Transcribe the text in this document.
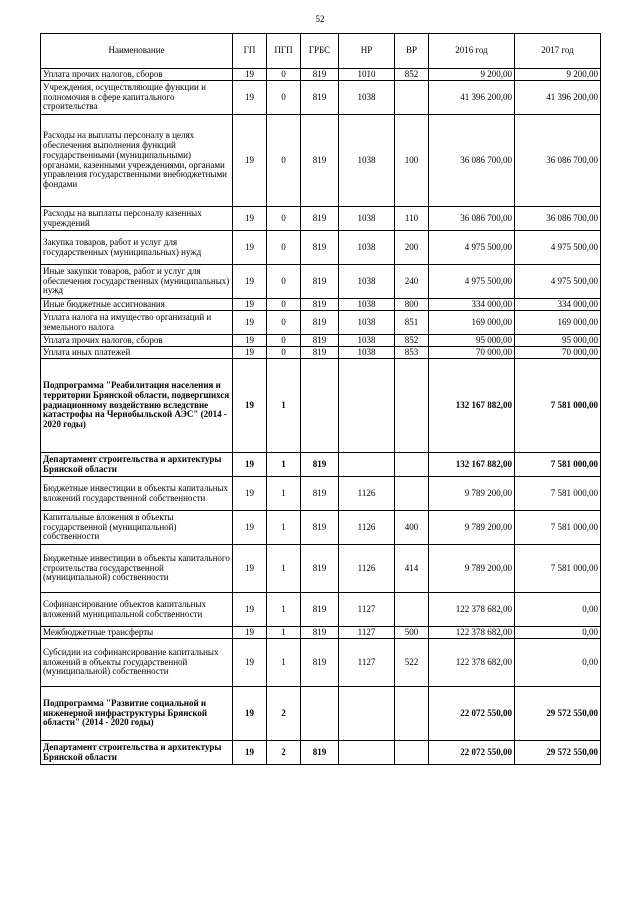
52
Наименование	ГП	ПГП	ГРБС	НР	ВР	2016 год	2017 год
Уплата прочих налогов, сборов	19	0	819	1010	852	9 200,00	9 200,00
Учреждения, осуществляющие функции и полномочия в сфере капитального строительства	19	0	819	1038		41 396 200,00	41 396 200,00
Расходы на выплаты персоналу в целях обеспечения выполнения функций государственными (муниципальными) органами, казенными учреждениями, органами управления государственными внебюджетными фондами	19	0	819	1038	100	36 086 700,00	36 086 700,00
Расходы на выплаты персоналу казенных учреждений	19	0	819	1038	110	36 086 700,00	36 086 700,00
Закупка товаров, работ и услуг для государственных (муниципальных) нужд	19	0	819	1038	200	4 975 500,00	4 975 500,00
Иные закупки товаров, работ и услуг для обеспечения государственных (муниципальных) нужд	19	0	819	1038	240	4 975 500,00	4 975 500,00
Иные бюджетные ассигнования	19	0	819	1038	800	334 000,00	334 000,00
Уплата налога на имущество организаций и земельного налога	19	0	819	1038	851	169 000,00	169 000,00
Уплата прочих налогов, сборов	19	0	819	1038	852	95 000,00	95 000,00
Уплата иных платежей	19	0	819	1038	853	70 000,00	70 000,00
Подпрограмма "Реабилитация населения и территории Брянской области, подвергшихся радиационному воздействию вследствие катастрофы на Чернобыльской АЭС" (2014 - 2020 годы)	19	1				132 167 882,00	7 581 000,00
Департамент строительства и архитектуры Брянской области	19	1	819			132 167 882,00	7 581 000,00
Бюджетные инвестиции в объекты капитальных вложений государственной собственности	19	1	819	1126		9 789 200,00	7 581 000,00
Капитальные вложения в объекты государственной (муниципальной) собственности	19	1	819	1126	400	9 789 200,00	7 581 000,00
Бюджетные инвестиции в объекты капитального строительства государственной (муниципальной) собственности	19	1	819	1126	414	9 789 200,00	7 581 000,00
Софинансирование объектов капитальных вложений муниципальной собственности	19	1	819	1127		122 378 682,00	0,00
Межбюджетные трансферты	19	1	819	1127	500	122 378 682,00	0,00
Субсидии на софинансирование капитальных вложений в объекты государственной (муниципальной) собственности	19	1	819	1127	522	122 378 682,00	0,00
Подпрограмма "Развитие социальной и инженерной инфраструктуры Брянской области" (2014 - 2020 годы)	19	2				22 072 550,00	29 572 550,00
Департамент строительства и архитектуры Брянской области	19	2	819			22 072 550,00	29 572 550,00
